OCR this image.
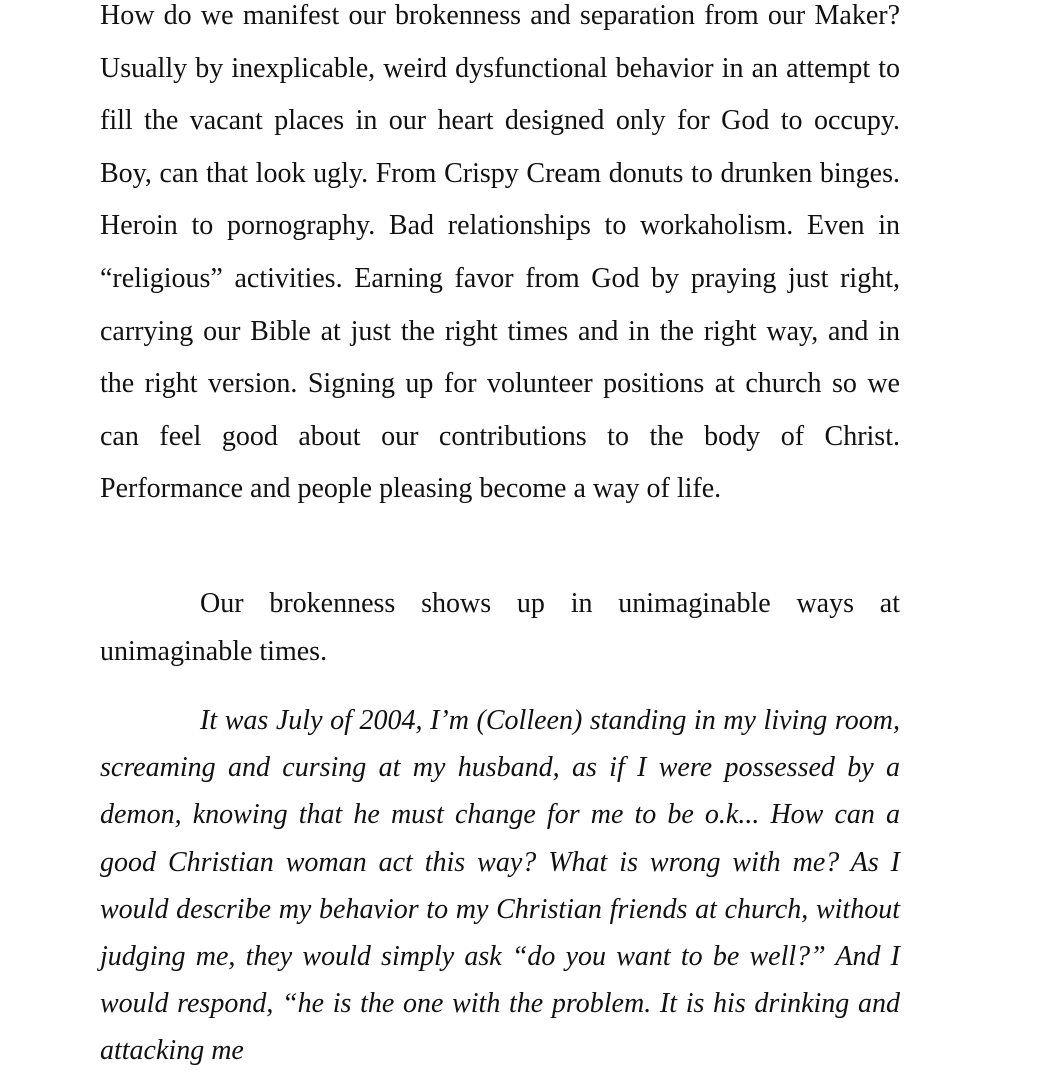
How do we manifest our brokenness and separation from our Maker? Usually by inexplicable, weird dysfunctional behavior in an attempt to fill the vacant places in our heart designed only for God to occupy. Boy, can that look ugly. From Crispy Cream donuts to drunken binges. Heroin to pornography. Bad relationships to workaholism. Even in “religious” activities. Earning favor from God by praying just right, carrying our Bible at just the right times and in the right way, and in the right version. Signing up for volunteer positions at church so we can feel good about our contributions to the body of Christ. Performance and people pleasing become a way of life.

Our brokenness shows up in unimaginable ways at unimaginable times.

It was July of 2004, I’m (Colleen) standing in my living room, screaming and cursing at my husband, as if I were possessed by a demon, knowing that he must change for me to be o.k... How can a good Christian woman act this way? What is wrong with me? As I would describe my behavior to my Christian friends at church, without judging me, they would simply ask “do you want to be well?” And I would respond, “he is the one with the problem. It is his drinking and attacking me
